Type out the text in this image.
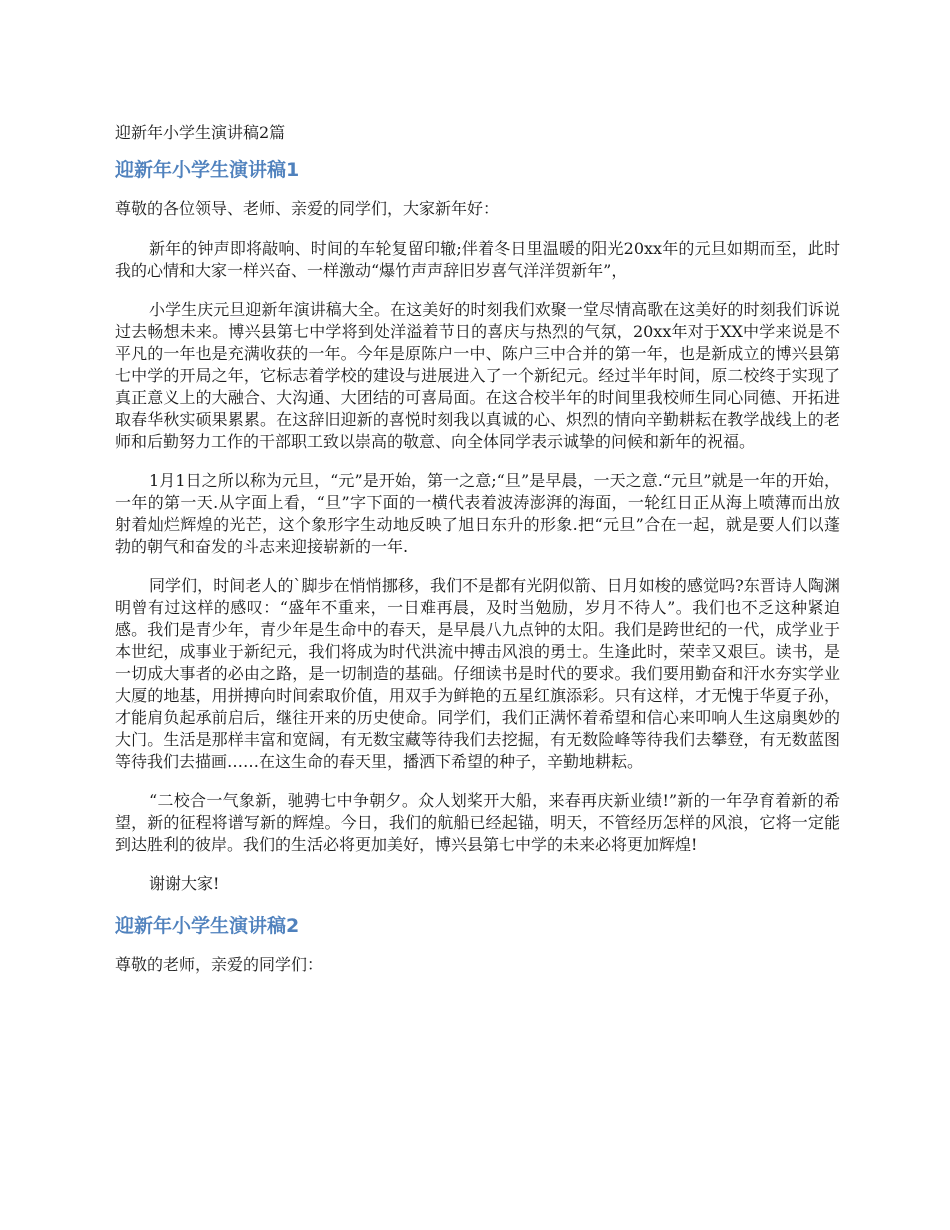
迎新年小学生演讲稿2篇
迎新年小学生演讲稿1
尊敬的各位领导、老师、亲爱的同学们，大家新年好：

新年的钟声即将敲响、时间的车轮复留印辙;伴着冬日里温暖的阳光20xx年的元旦如期而至，此时我的心情和大家一样兴奋、一样激动“爆竹声声辞旧岁喜气洋洋贺新年”，

小学生庆元旦迎新年演讲稿大全。在这美好的时刻我们欢聚一堂尽情高歌在这美好的时刻我们诉说过去畅想未来。博兴县第七中学将到处洋溢着节日的喜庆与热烈的气氛，20xx年对于XX中学来说是不平凡的一年也是充满收获的一年。今年是原陈户一中、陈户三中合并的第一年，也是新成立的博兴县第七中学的开局之年，它标志着学校的建设与进展进入了一个新纪元。经过半年时间，原二校终于实现了真正意义上的大融合、大沟通、大团结的可喜局面。在这合校半年的时间里我校师生同心同德、开拓进取春华秋实硕果累累。在这辞旧迎新的喜悦时刻我以真诚的心、炽烈的情向辛勤耕耘在教学战线上的老师和后勤努力工作的干部职工致以崇高的敬意、向全体同学表示诚挚的问候和新年的祝福。

1月1日之所以称为元旦，“元”是开始，第一之意;“旦”是早晨，一天之意.“元旦”就是一年的开始，一年的第一天.从字面上看，“旦”字下面的一横代表着波涛澎湃的海面，一轮红日正从海上喷薄而出放射着灿烂辉煌的光芒，这个象形字生动地反映了旭日东升的形象.把“元旦”合在一起，就是要人们以蓬勃的朝气和奋发的斗志来迎接崭新的一年.

同学们，时间老人的`脚步在悄悄挪移，我们不是都有光阴似箭、日月如梭的感觉吗?东晋诗人陶渊明曾有过这样的感叹：“盛年不重来，一日难再晨，及时当勉励，岁月不待人”。我们也不乏这种紧迫感。我们是青少年，青少年是生命中的春天，是早晨八九点钟的太阳。我们是跨世纪的一代，成学业于本世纪，成事业于新纪元，我们将成为时代洪流中搏击风浪的勇士。生逢此时，荣幸又艰巨。读书，是一切成大事者的必由之路，是一切制造的基础。仔细读书是时代的要求。我们要用勤奋和汗水夯实学业大厦的地基，用拼搏向时间索取价值，用双手为鲜艳的五星红旗添彩。只有这样，才无愧于华夏子孙，才能肩负起承前启后，继往开来的历史使命。同学们，我们正满怀着希望和信心来叩响人生这扇奥妙的大门。生活是那样丰富和宽阔，有无数宝藏等待我们去挖掘，有无数险峰等待我们去攀登，有无数蓝图等待我们去描画……在这生命的春天里，播洒下希望的种子，辛勤地耕耘。

“二校合一气象新，驰骋七中争朝夕。众人划桨开大船，来春再庆新业绩!”新的一年孕育着新的希望，新的征程将谱写新的辉煌。今日，我们的航船已经起锚，明天，不管经历怎样的风浪，它将一定能到达胜利的彼岸。我们的生活必将更加美好，博兴县第七中学的未来必将更加辉煌!

谢谢大家!

迎新年小学生演讲稿2
尊敬的老师，亲爱的同学们：
